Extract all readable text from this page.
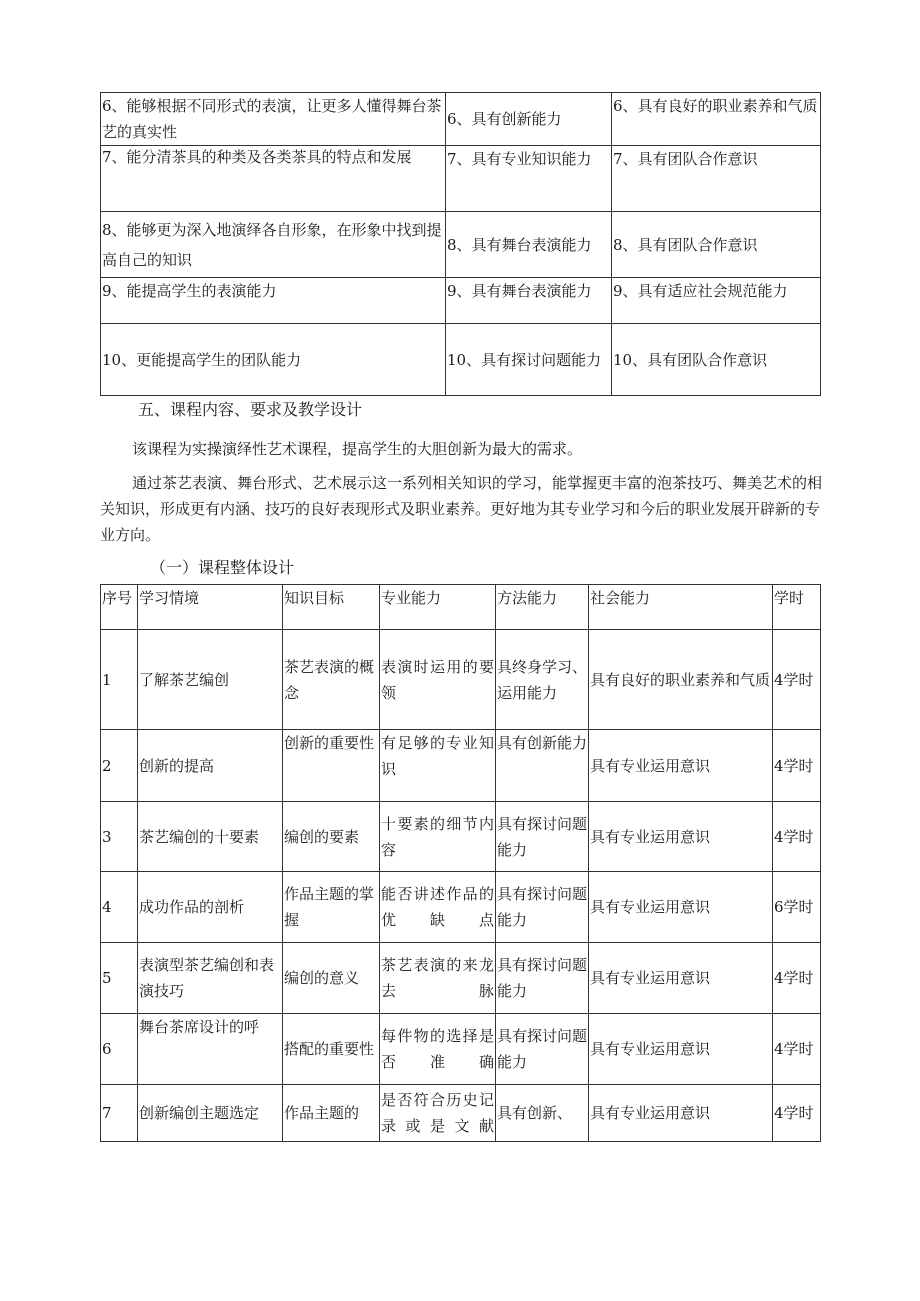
6、能够根据不同形式的表演，让更多人懂得舞台茶艺的真实性	6、具有创新能力	6、具有良好的职业素养和气质
7、能分清茶具的种类及各类茶具的特点和发展	7、具有专业知识能力	7、具有团队合作意识
8、能够更为深入地演绎各自形象，在形象中找到提高自己的知识	8、具有舞台表演能力	8、具有团队合作意识
9、能提高学生的表演能力	9、具有舞台表演能力	9、具有适应社会规范能力
10、更能提高学生的团队能力	10、具有探讨问题能力	10、具有团队合作意识

五、课程内容、要求及教学设计

该课程为实操演绎性艺术课程，提高学生的大胆创新为最大的需求。

通过茶艺表演、舞台形式、艺术展示这一系列相关知识的学习，能掌握更丰富的泡茶技巧、舞美艺术的相关知识，形成更有内涵、技巧的良好表现形式及职业素养。更好地为其专业学习和今后的职业发展开辟新的专业方向。

（一）课程整体设计

序号	学习情境	知识目标	专业能力	方法能力	社会能力	学时
1	了解茶艺编创	茶艺表演的概念	表演时运用的要领	具终身学习、运用能力	具有良好的职业素养和气质	4学时
2	创新的提高	创新的重要性	有足够的专业知识	具有创新能力	具有专业运用意识	4学时
3	茶艺编创的十要素	编创的要素	十要素的细节内容	具有探讨问题能力	具有专业运用意识	4学时
4	成功作品的剖析	作品主题的掌握	能否讲述作品的优缺点	具有探讨问题能力	具有专业运用意识	6学时
5	表演型茶艺编创和表演技巧	编创的意义	茶艺表演的来龙去脉	具有探讨问题能力	具有专业运用意识	4学时
6	舞台茶席设计的呼	搭配的重要性	每件物的选择是否准确	具有探讨问题能力	具有专业运用意识	4学时
7	创新编创主题选定	作品主题的	是否符合历史记录或是文献	具有创新、	具有专业运用意识	4学时
